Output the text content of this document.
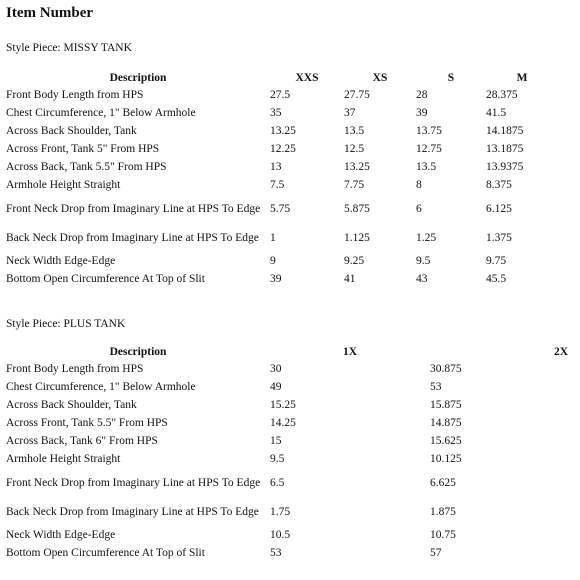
Item Number
Style Piece: MISSY TANK
Description	XXS	XS	S	M
Front Body Length from HPS	27.5	27.75	28	28.375
Chest Circumference, 1" Below Armhole	35	37	39	41.5
Across Back Shoulder, Tank	13.25	13.5	13.75	14.1875
Across Front, Tank 5" From HPS	12.25	12.5	12.75	13.1875
Across Back, Tank 5.5" From HPS	13	13.25	13.5	13.9375
Armhole Height Straight	7.5	7.75	8	8.375
Front Neck Drop from Imaginary Line at HPS To Edge	5.75	5.875	6	6.125
Back Neck Drop from Imaginary Line at HPS To Edge	1	1.125	1.25	1.375
Neck Width Edge-Edge	9	9.25	9.5	9.75
Bottom Open Circumference At Top of Slit	39	41	43	45.5
Style Piece: PLUS TANK
Description	1X	2X
Front Body Length from HPS	30	30.875
Chest Circumference, 1" Below Armhole	49	53
Across Back Shoulder, Tank	15.25	15.875
Across Front, Tank 5.5" From HPS	14.25	14.875
Across Back, Tank 6" From HPS	15	15.625
Armhole Height Straight	9.5	10.125
Front Neck Drop from Imaginary Line at HPS To Edge	6.5	6.625
Back Neck Drop from Imaginary Line at HPS To Edge	1.75	1.875
Neck Width Edge-Edge	10.5	10.75
Bottom Open Circumference At Top of Slit	53	57
